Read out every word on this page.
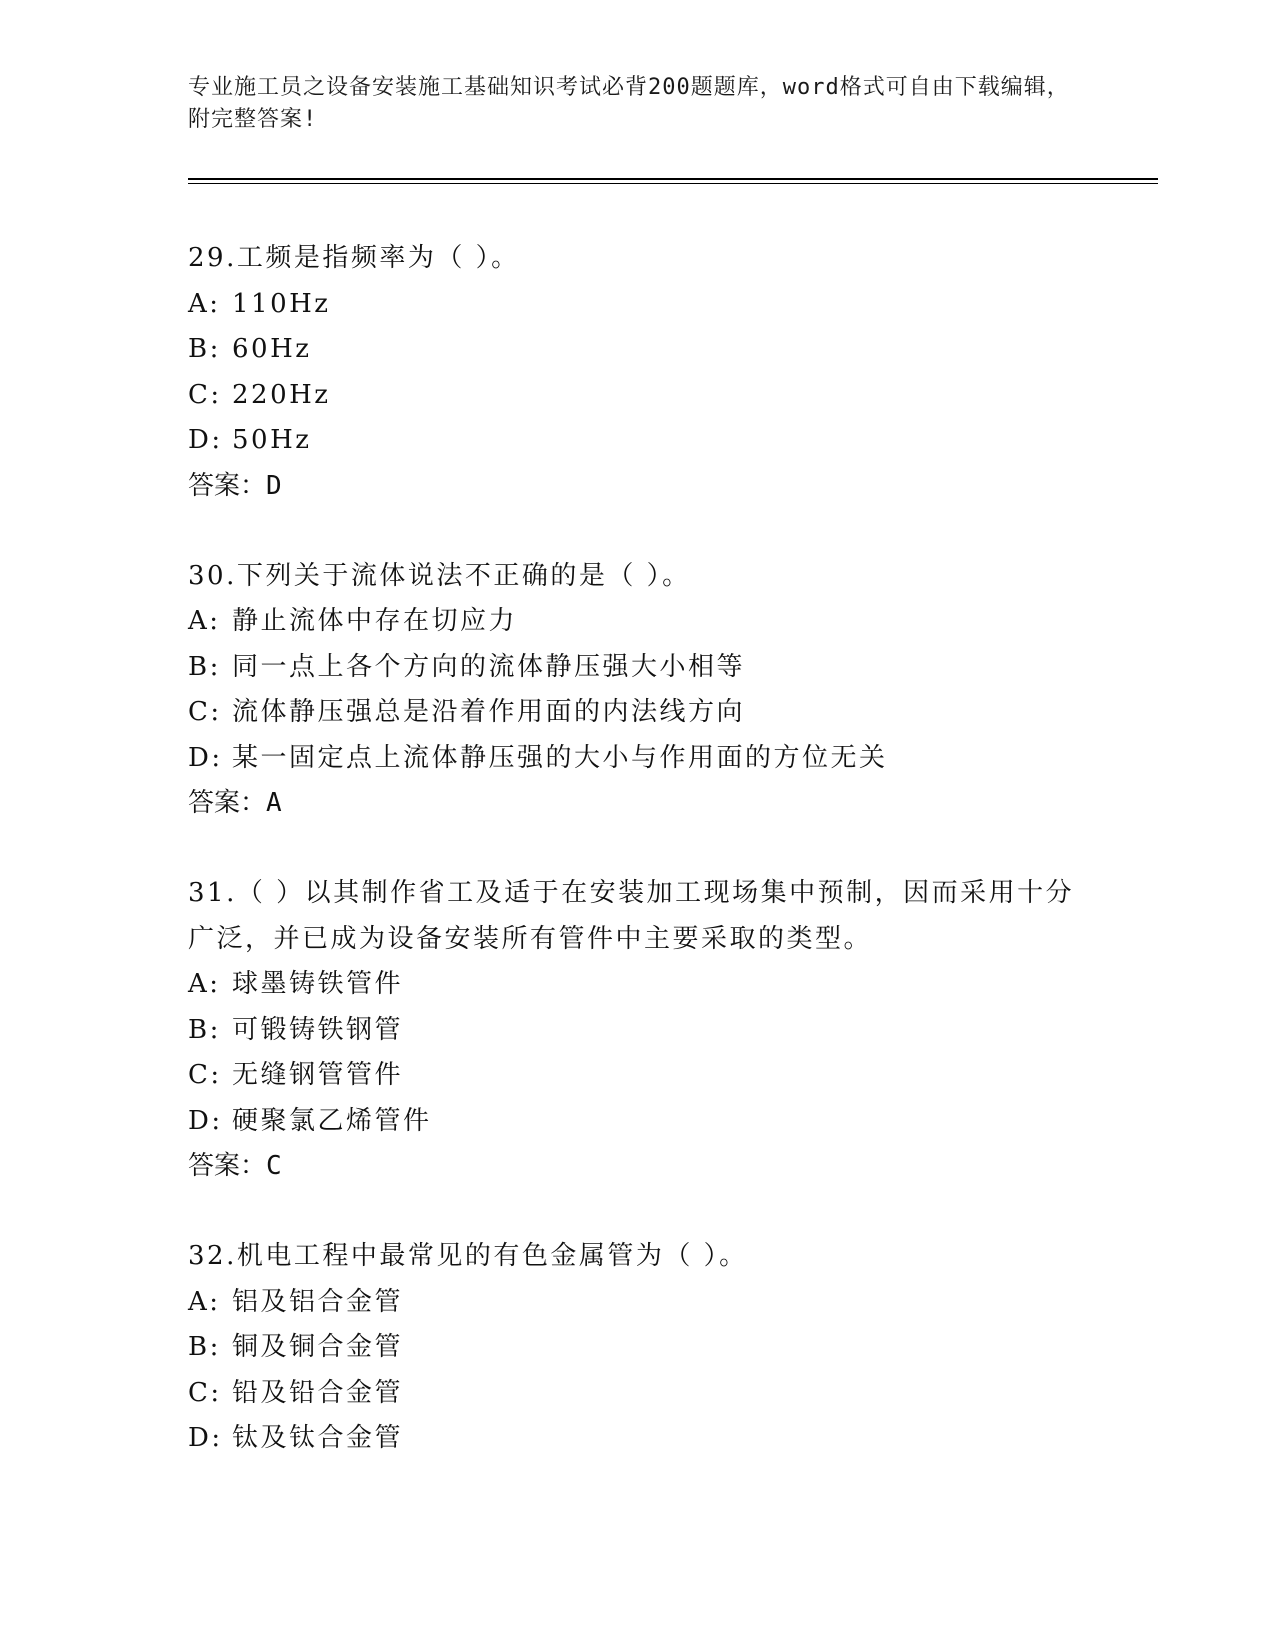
专业施工员之设备安装施工基础知识考试必背200题题库，word格式可自由下载编辑，附完整答案!
29.工频是指频率为（ ）。
A: 110Hz
B: 60Hz
C: 220Hz
D: 50Hz
答案：D
30.下列关于流体说法不正确的是（ ）。
A: 静止流体中存在切应力
B: 同一点上各个方向的流体静压强大小相等
C: 流体静压强总是沿着作用面的内法线方向
D: 某一固定点上流体静压强的大小与作用面的方位无关
答案：A
31.（ ）以其制作省工及适于在安装加工现场集中预制，因而采用十分广泛，并已成为设备安装所有管件中主要采取的类型。
A: 球墨铸铁管件
B: 可锻铸铁钢管
C: 无缝钢管管件
D: 硬聚氯乙烯管件
答案：C
32.机电工程中最常见的有色金属管为（ ）。
A: 铝及铝合金管
B: 铜及铜合金管
C: 铅及铅合金管
D: 钛及钛合金管
